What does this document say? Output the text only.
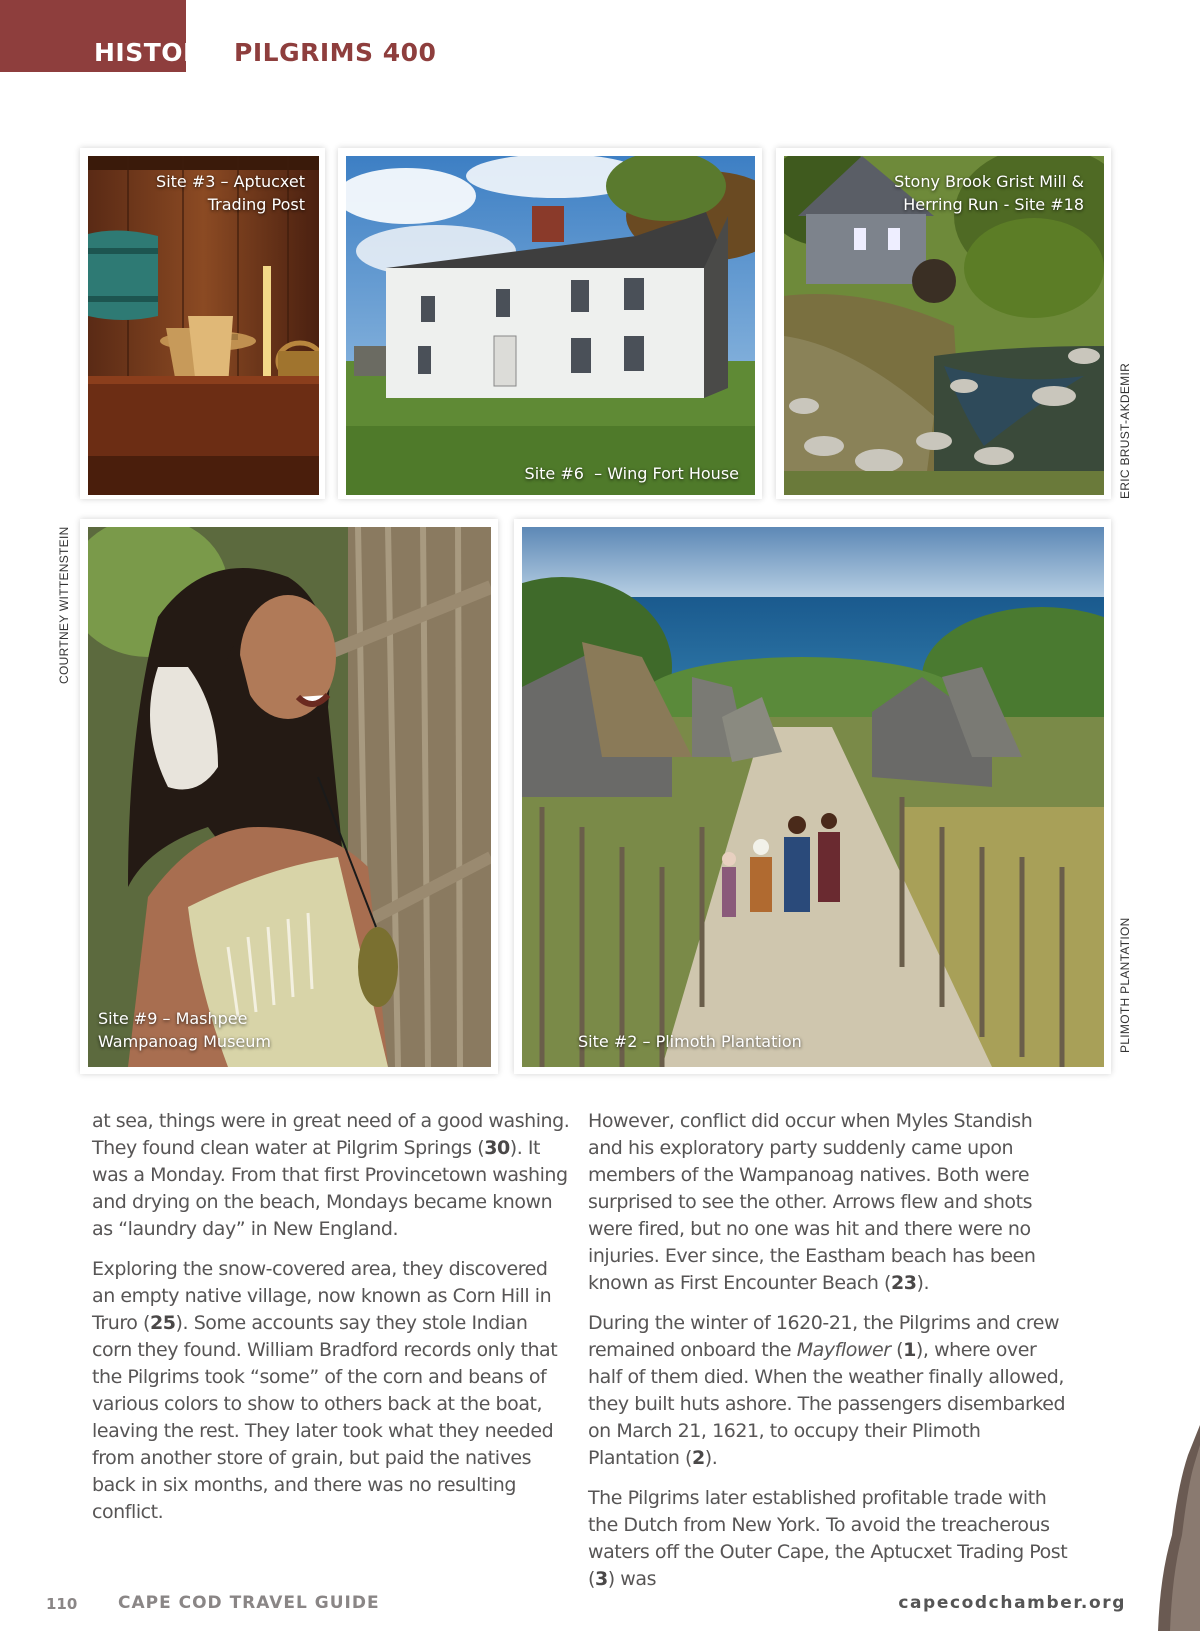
HISTORY PILGRIMS 400
Site #3 – Aptucxet Trading Post
Site #6  – Wing Fort House
Stony Brook Grist Mill & Herring Run - Site #18
Site #9 – Mashpee Wampanoag Museum	Site #2 – Plimoth Plantation
ERIC BRUST-AKDEMIR
COURTNEY WITTENSTEIN
PLIMOTH PLANTATION

at sea, things were in great need of a good washing. They found clean water at Pilgrim Springs (30). It was a Monday. From that first Provincetown washing and drying on the beach, Mondays became known as “laundry day” in New England.

Exploring the snow-covered area, they discovered an empty native village, now known as Corn Hill in Truro (25). Some accounts say they stole Indian corn they found. William Bradford records only that the Pilgrims took “some” of the corn and beans of various colors to show to others back at the boat, leaving the rest. They later took what they needed from another store of grain, but paid the natives back in six months, and there was no resulting conflict.

However, conflict did occur when Myles Standish and his exploratory party suddenly came upon members of the Wampanoag natives. Both were surprised to see the other. Arrows flew and shots were fired, but no one was hit and there were no injuries. Ever since, the Eastham beach has been known as First Encounter Beach (23).

During the winter of 1620-21, the Pilgrims and crew remained onboard the Mayflower (1), where over half of them died. When the weather finally allowed, they built huts ashore. The passengers disembarked on March 21, 1621, to occupy their Plimoth Plantation (2).

The Pilgrims later established profitable trade with the Dutch from New York. To avoid the treacherous waters off the Outer Cape, the Aptucxet Trading Post (3) was

110 CAPE COD TRAVEL GUIDE	capecodchamber.org
